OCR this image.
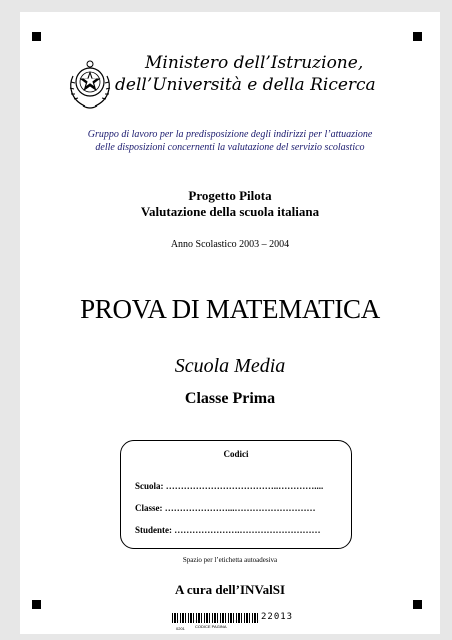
Ministero dell’Istruzione,
dell’Università e della Ricerca
Gruppo di lavoro per la predisposizione degli indirizzi per l’attuazione
delle disposizioni concernenti la valutazione del servizio scolastico
Progetto Pilota
Valutazione della scuola italiana
Anno Scolastico 2003 – 2004
PROVA DI MATEMATICA
Scuola Media
Classe Prima
Codici
Scuola: ………………………………..…………....
Classe: …………………...………………………
Studente: ………………….………………………
Spazio per l’etichetta autoadesiva
A cura dell’INValSI
22013
0201	CODICE PAGINA
